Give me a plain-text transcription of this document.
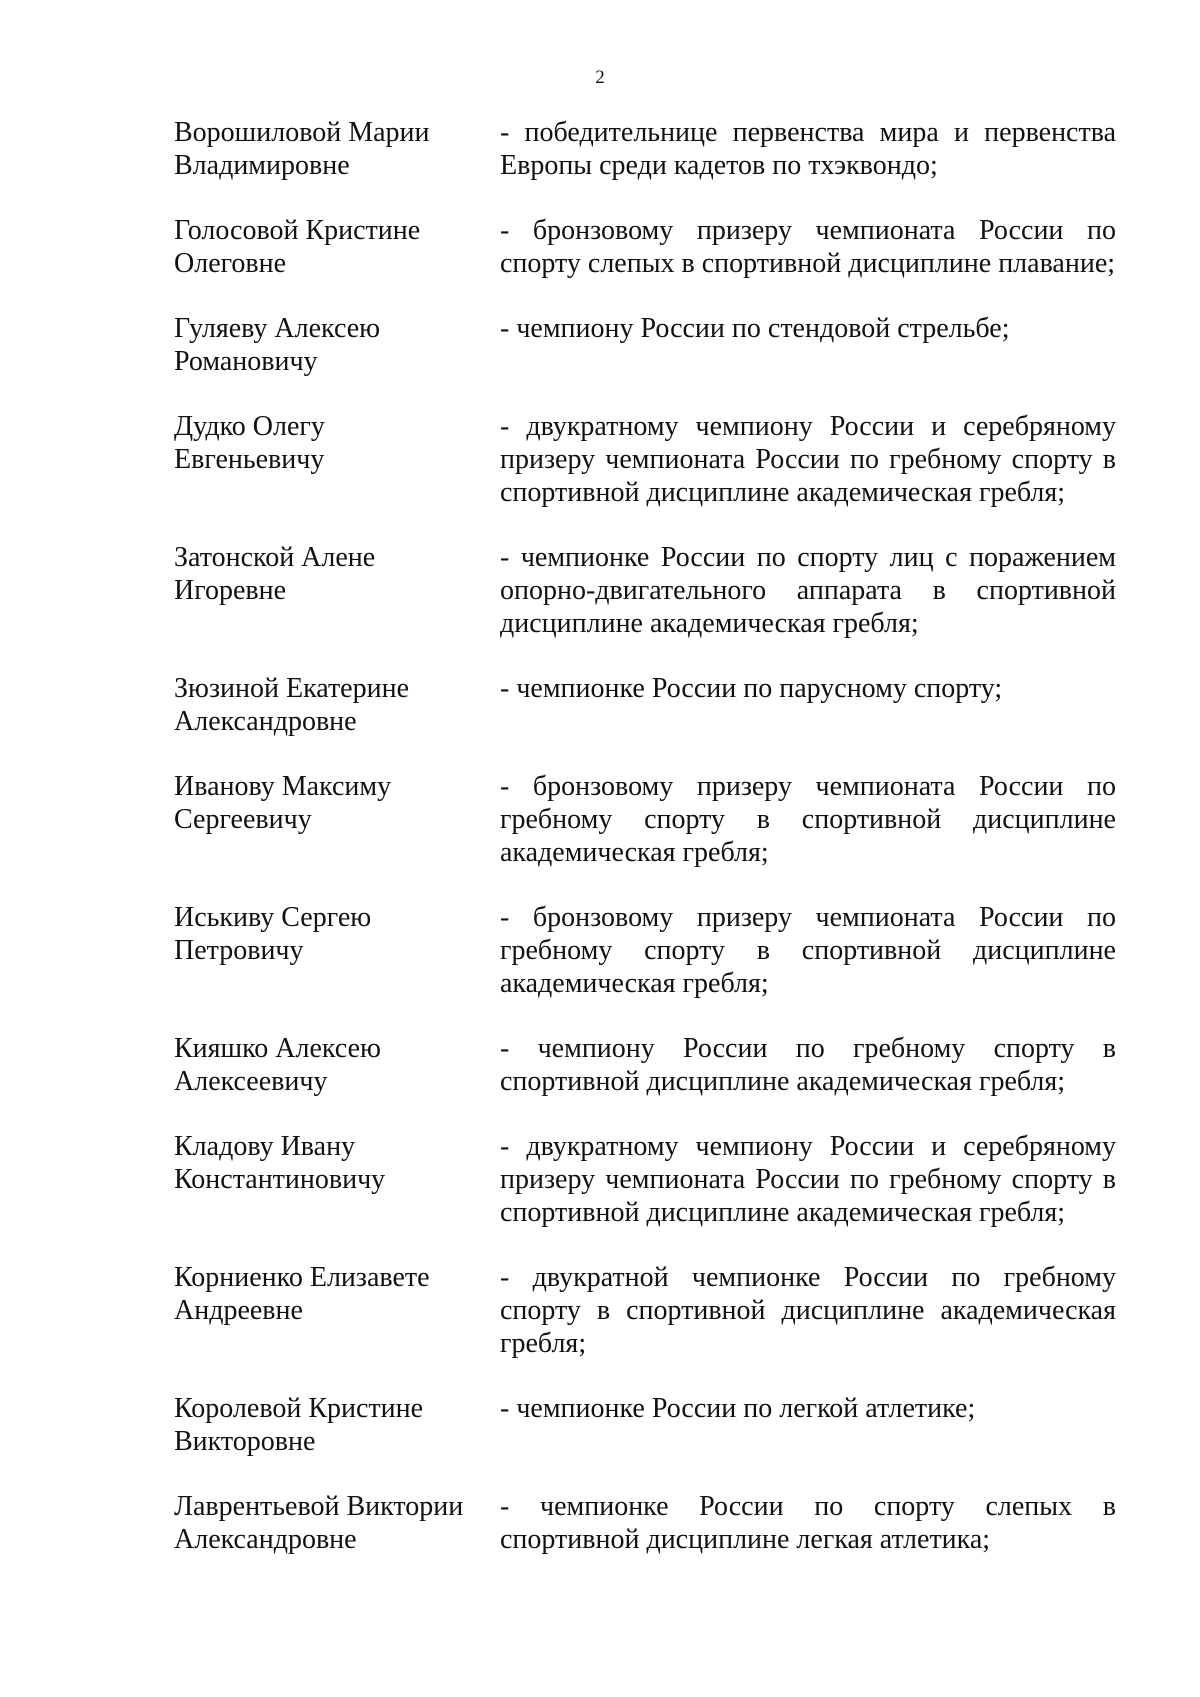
2
Ворошиловой Марии
Владимировне
- победительнице первенства мира и первенства Европы среди кадетов по тхэквондо;
Голосовой Кристине
Олеговне
- бронзовому призеру чемпионата России по спорту слепых в спортивной дисциплине плавание;
Гуляеву Алексею
Романовичу
- чемпиону России по стендовой стрельбе;
Дудко Олегу
Евгеньевичу
- двукратному чемпиону России и серебряному призеру чемпионата России по гребному спорту в спортивной дисциплине академическая гребля;
Затонской Алене
Игоревне
- чемпионке России по спорту лиц с поражением опорно-двигательного аппарата в спортивной дисциплине академическая гребля;
Зюзиной Екатерине
Александровне
- чемпионке России по парусному спорту;
Иванову Максиму
Сергеевичу
- бронзовому призеру чемпионата России по гребному спорту в спортивной дисциплине академическая гребля;
Иськиву Сергею
Петровичу
- бронзовому призеру чемпионата России по гребному спорту в спортивной дисциплине академическая гребля;
Кияшко Алексею
Алексеевичу
- чемпиону России по гребному спорту в спортивной дисциплине академическая гребля;
Кладову Ивану
Константиновичу
- двукратному чемпиону России и серебряному призеру чемпионата России по гребному спорту в спортивной дисциплине академическая гребля;
Корниенко Елизавете
Андреевне
- двукратной чемпионке России по гребному спорту в спортивной дисциплине академическая гребля;
Королевой Кристине
Викторовне
- чемпионке России по легкой атлетике;
Лаврентьевой Виктории
Александровне
- чемпионке России по спорту слепых в спортивной дисциплине легкая атлетика;
